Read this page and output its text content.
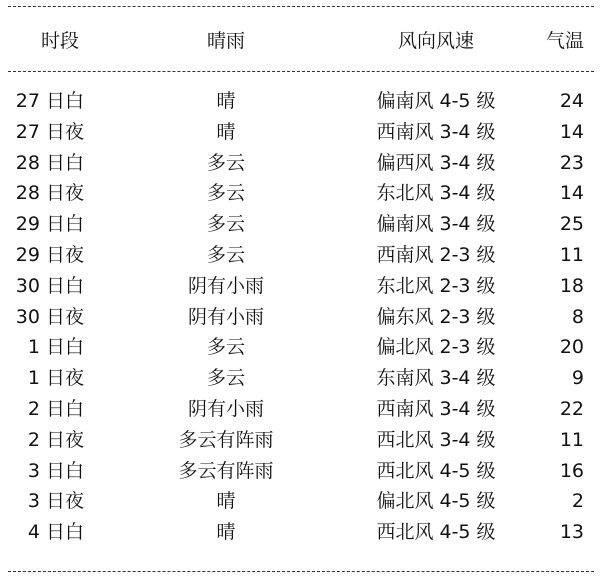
时段	晴雨	风向风速	气温
27 日白	晴	偏南风 4-5 级	24
27 日夜	晴	西南风 3-4 级	14
28 日白	多云	偏西风 3-4 级	23
28 日夜	多云	东北风 3-4 级	14
29 日白	多云	偏南风 3-4 级	25
29 日夜	多云	西南风 2-3 级	11
30 日白	阴有小雨	东北风 2-3 级	18
30 日夜	阴有小雨	偏东风 2-3 级	8
1 日白	多云	偏北风 2-3 级	20
1 日夜	多云	东南风 3-4 级	9
2 日白	阴有小雨	西南风 3-4 级	22
2 日夜	多云有阵雨	西北风 3-4 级	11
3 日白	多云有阵雨	西北风 4-5 级	16
3 日夜	晴	偏北风 4-5 级	2
4 日白	晴	西北风 4-5 级	13
